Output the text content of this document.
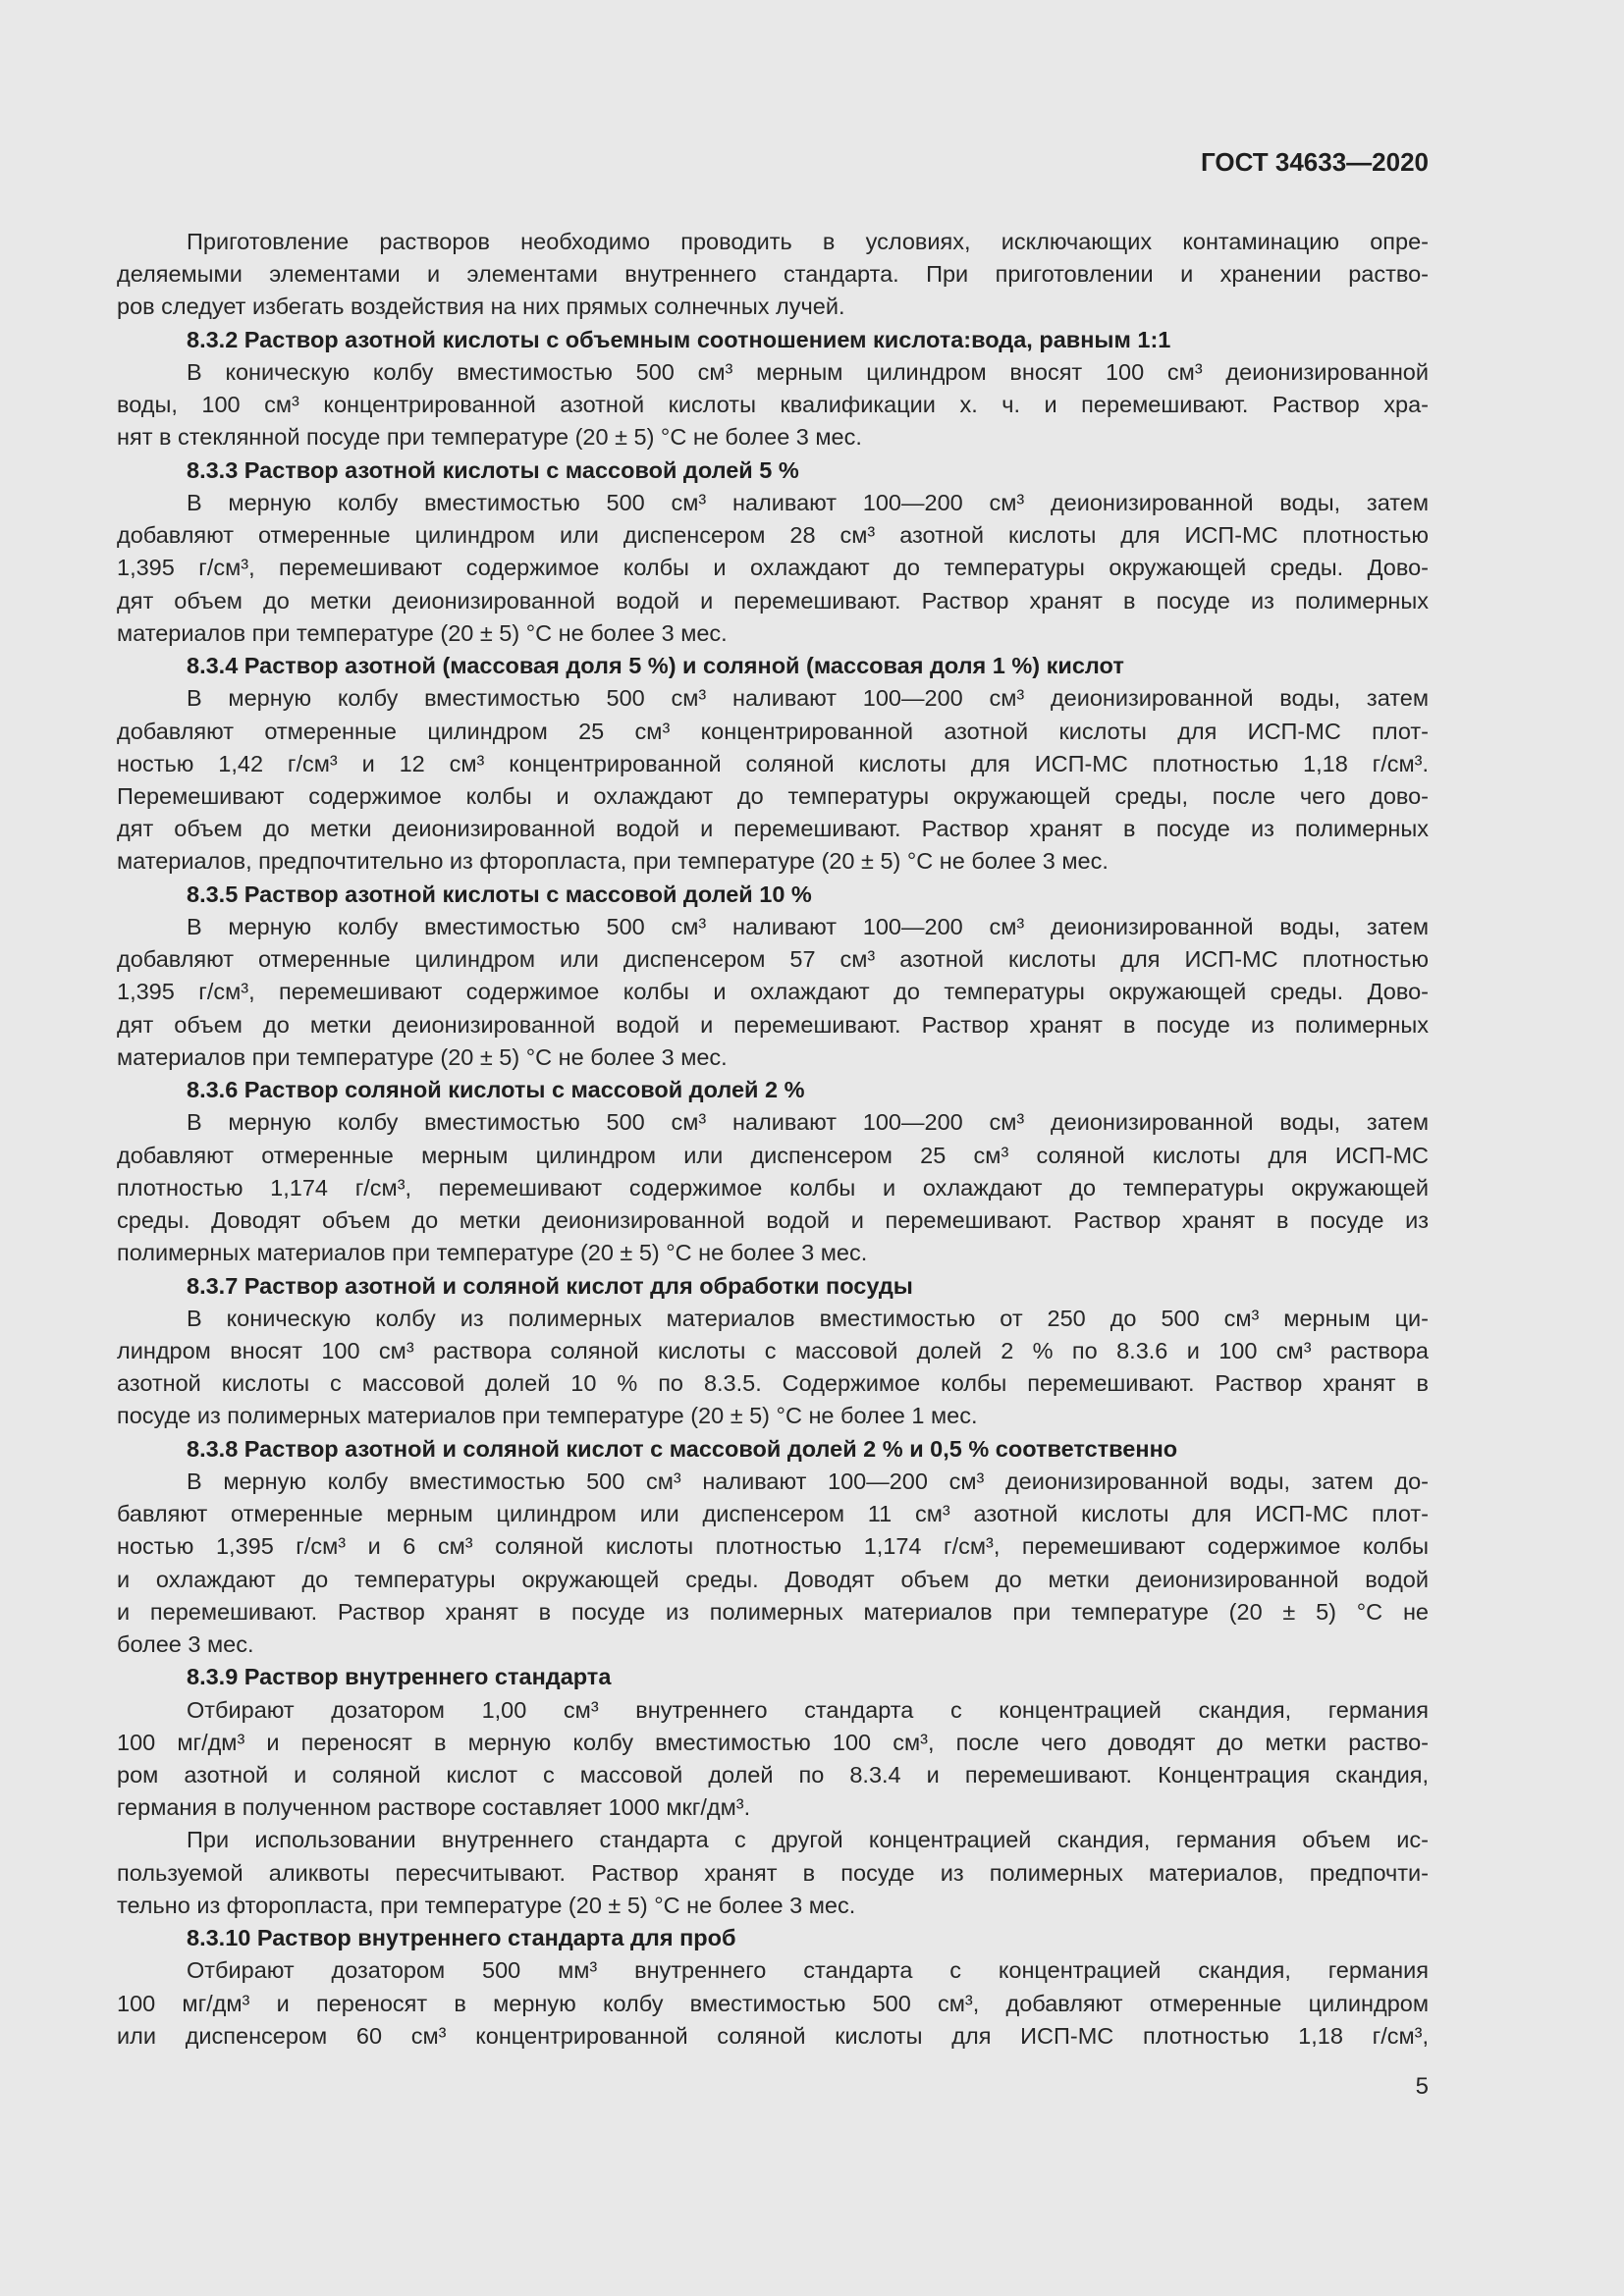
ГОСТ 34633—2020
Приготовление растворов необходимо проводить в условиях, исключающих контаминацию опре-
деляемыми элементами и элементами внутреннего стандарта. При приготовлении и хранении раство-
ров следует избегать воздействия на них прямых солнечных лучей.
8.3.2 Раствор азотной кислоты с объемным соотношением кислота:вода, равным 1:1
В коническую колбу вместимостью 500 см³ мерным цилиндром вносят 100 см³ деионизированной
воды, 100 см³ концентрированной азотной кислоты квалификации х. ч. и перемешивают. Раствор хра-
нят в стеклянной посуде при температуре (20 ± 5) °С не более 3 мес.
8.3.3 Раствор азотной кислоты с массовой долей 5 %
В мерную колбу вместимостью 500 см³ наливают 100—200 см³ деионизированной воды, затем
добавляют отмеренные цилиндром или диспенсером 28 см³ азотной кислоты для ИСП-МС плотностью
1,395 г/см³, перемешивают содержимое колбы и охлаждают до температуры окружающей среды. Дово-
дят объем до метки деионизированной водой и перемешивают. Раствор хранят в посуде из полимерных
материалов при температуре (20 ± 5) °С не более 3 мес.
8.3.4 Раствор азотной (массовая доля 5 %) и соляной (массовая доля 1 %) кислот
В мерную колбу вместимостью 500 см³ наливают 100—200 см³ деионизированной воды, затем
добавляют отмеренные цилиндром 25 см³ концентрированной азотной кислоты для ИСП-МС плот-
ностью 1,42 г/см³ и 12 см³ концентрированной соляной кислоты для ИСП-МС плотностью 1,18 г/см³.
Перемешивают содержимое колбы и охлаждают до температуры окружающей среды, после чего дово-
дят объем до метки деионизированной водой и перемешивают. Раствор хранят в посуде из полимерных
материалов, предпочтительно из фторопласта, при температуре (20 ± 5) °С не более 3 мес.
8.3.5 Раствор азотной кислоты с массовой долей 10 %
В мерную колбу вместимостью 500 см³ наливают 100—200 см³ деионизированной воды, затем
добавляют отмеренные цилиндром или диспенсером 57 см³ азотной кислоты для ИСП-МС плотностью
1,395 г/см³, перемешивают содержимое колбы и охлаждают до температуры окружающей среды. Дово-
дят объем до метки деионизированной водой и перемешивают. Раствор хранят в посуде из полимерных
материалов при температуре (20 ± 5) °С не более 3 мес.
8.3.6 Раствор соляной кислоты с массовой долей 2 %
В мерную колбу вместимостью 500 см³ наливают 100—200 см³ деионизированной воды, затем
добавляют отмеренные мерным цилиндром или диспенсером 25 см³ соляной кислоты для ИСП-МС
плотностью 1,174 г/см³, перемешивают содержимое колбы и охлаждают до температуры окружающей
среды. Доводят объем до метки деионизированной водой и перемешивают. Раствор хранят в посуде из
полимерных материалов при температуре (20 ± 5) °С не более 3 мес.
8.3.7 Раствор азотной и соляной кислот для обработки посуды
В коническую колбу из полимерных материалов вместимостью от 250 до 500 см³ мерным ци-
линдром вносят 100 см³ раствора соляной кислоты с массовой долей 2 % по 8.3.6 и 100 см³ раствора
азотной кислоты с массовой долей 10 % по 8.3.5. Содержимое колбы перемешивают. Раствор хранят в
посуде из полимерных материалов при температуре (20 ± 5) °С не более 1 мес.
8.3.8 Раствор азотной и соляной кислот с массовой долей 2 % и 0,5 % соответственно
В мерную колбу вместимостью 500 см³ наливают 100—200 см³ деионизированной воды, затем до-
бавляют отмеренные мерным цилиндром или диспенсером 11 см³ азотной кислоты для ИСП-МС плот-
ностью 1,395 г/см³ и 6 см³ соляной кислоты плотностью 1,174 г/см³, перемешивают содержимое колбы
и охлаждают до температуры окружающей среды. Доводят объем до метки деионизированной водой
и перемешивают. Раствор хранят в посуде из полимерных материалов при температуре (20 ± 5) °С не
более 3 мес.
8.3.9 Раствор внутреннего стандарта
Отбирают дозатором 1,00 см³ внутреннего стандарта с концентрацией скандия, германия
100 мг/дм³ и переносят в мерную колбу вместимостью 100 см³, после чего доводят до метки раство-
ром азотной и соляной кислот с массовой долей по 8.3.4 и перемешивают. Концентрация скандия,
германия в полученном растворе составляет 1000 мкг/дм³.
При использовании внутреннего стандарта с другой концентрацией скандия, германия объем ис-
пользуемой аликвоты пересчитывают. Раствор хранят в посуде из полимерных материалов, предпочти-
тельно из фторопласта, при температуре (20 ± 5) °С не более 3 мес.
8.3.10 Раствор внутреннего стандарта для проб
Отбирают дозатором 500 мм³ внутреннего стандарта с концентрацией скандия, германия
100 мг/дм³ и переносят в мерную колбу вместимостью 500 см³, добавляют отмеренные цилиндром
или диспенсером 60 см³ концентрированной соляной кислоты для ИСП-МС плотностью 1,18 г/см³,
5
